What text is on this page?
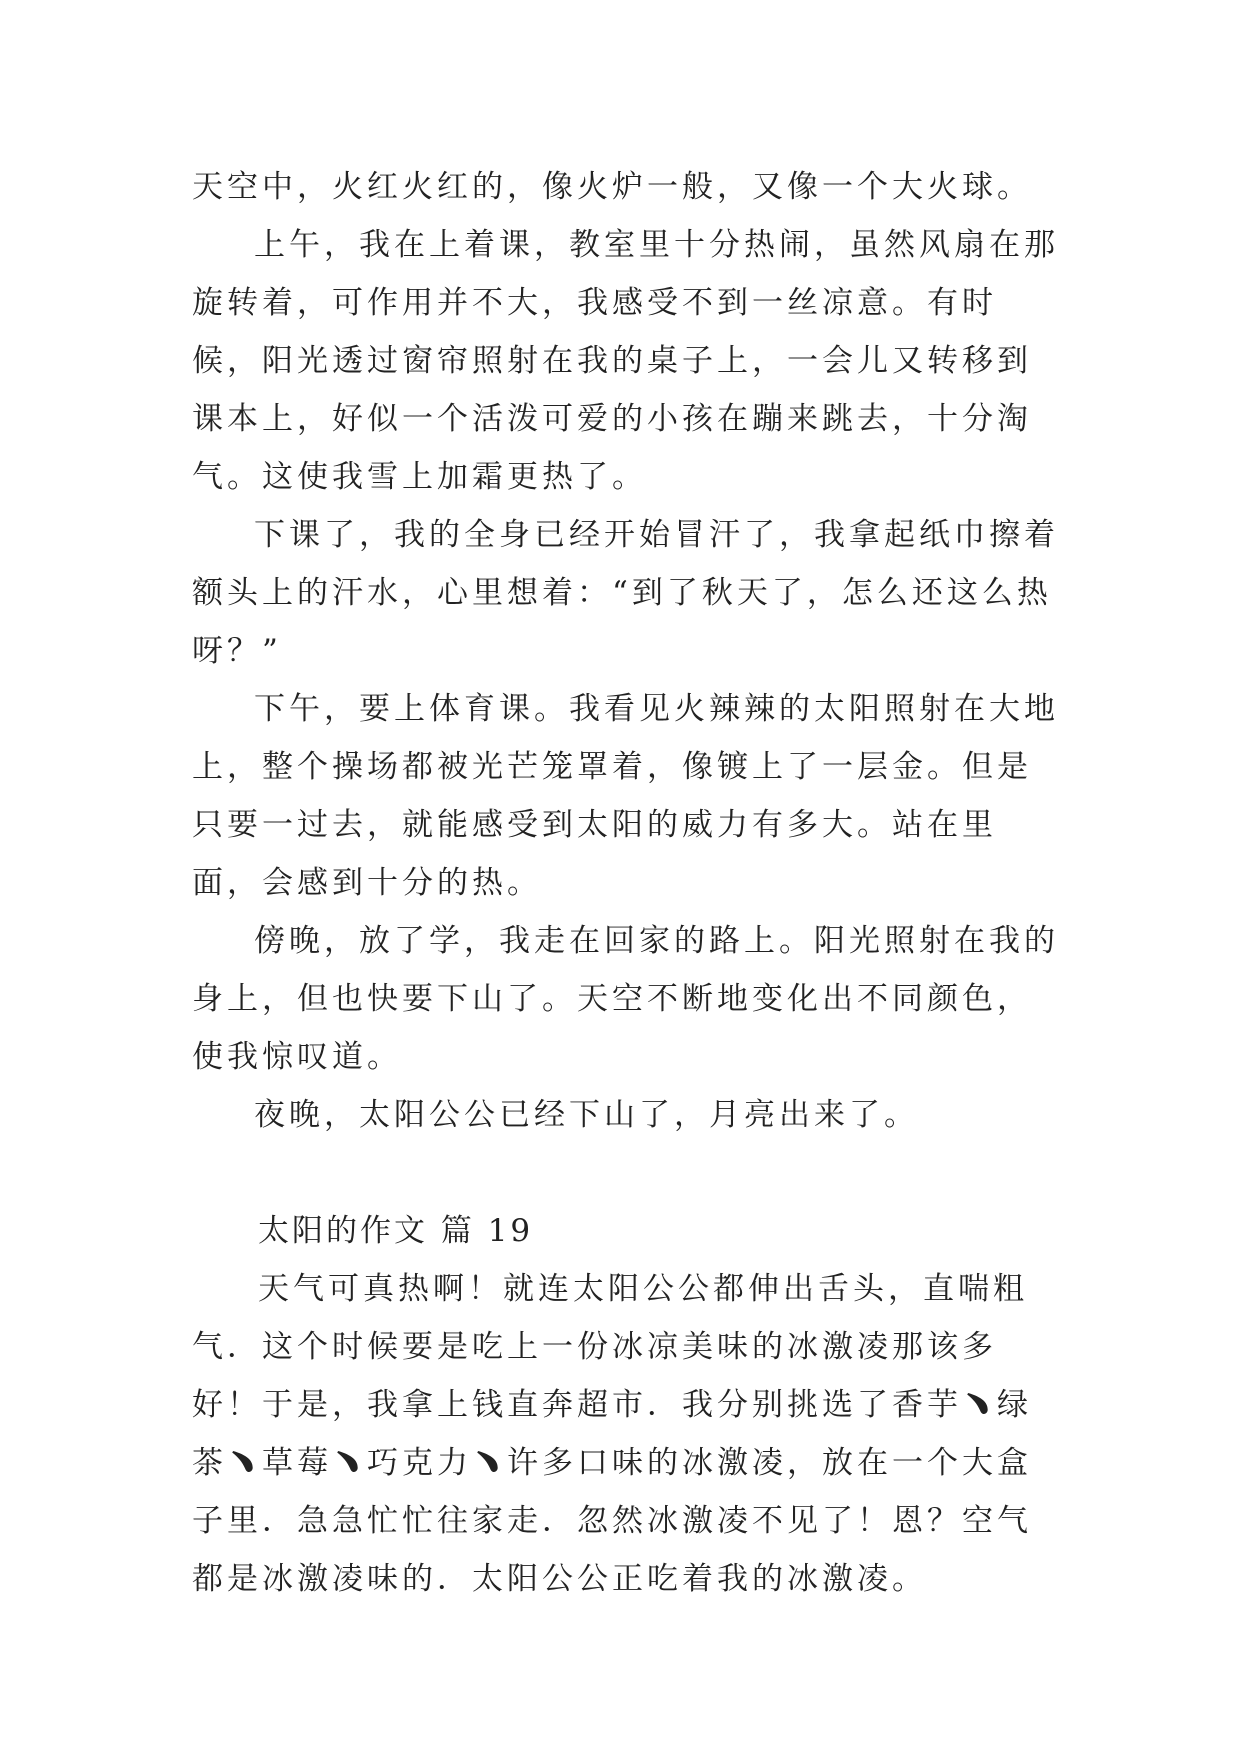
天空中，火红火红的，像火炉一般，又像一个大火球。

上午，我在上着课，教室里十分热闹，虽然风扇在那旋转着，可作用并不大，我感受不到一丝凉意。有时候，阳光透过窗帘照射在我的桌子上，一会儿又转移到课本上，好似一个活泼可爱的小孩在蹦来跳去，十分淘气。这使我雪上加霜更热了。

下课了，我的全身已经开始冒汗了，我拿起纸巾擦着额头上的汗水，心里想着：“到了秋天了，怎么还这么热呀？”

下午，要上体育课。我看见火辣辣的太阳照射在大地上，整个操场都被光芒笼罩着，像镀上了一层金。但是只要一过去，就能感受到太阳的威力有多大。站在里面，会感到十分的热。

傍晚，放了学，我走在回家的路上。阳光照射在我的身上，但也快要下山了。天空不断地变化出不同颜色，使我惊叹道。

夜晚，太阳公公已经下山了，月亮出来了。

太阳的作文 篇 19

天气可真热啊！就连太阳公公都伸出舌头，直喘粗气．这个时候要是吃上一份冰凉美味的冰激凌那该多好！于是，我拿上钱直奔超市．我分别挑选了香芋﹅绿茶﹅草莓﹅巧克力﹅许多口味的冰激凌，放在一个大盒子里．急急忙忙往家走．忽然冰激凌不见了！恩？空气都是冰激凌味的．太阳公公正吃着我的冰激凌。
